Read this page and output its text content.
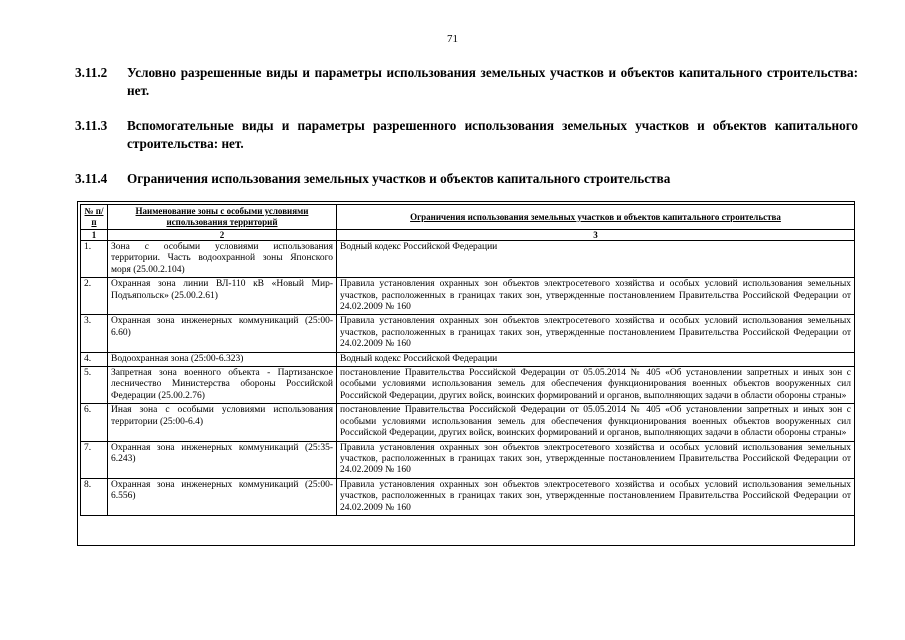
71
3.11.2 Условно разрешенные виды и параметры использования земельных участков и объектов капитального строительства: нет.
3.11.3 Вспомогательные виды и параметры разрешенного использования земельных участков и объектов капитального строительства: нет.
3.11.4 Ограничения использования земельных участков и объектов капитального строительства
№ п/п	Наименование зоны с особыми условиями использования территорий	Ограничения использования земельных участков и объектов капитального строительства
1	2	3
1.	Зона с особыми условиями использования территории. Часть водоохранной зоны Японского моря (25.00.2.104)	Водный кодекс Российской Федерации
2.	Охранная зона линии ВЛ-110 кВ «Новый Мир-Подъяпольск» (25.00.2.61)	Правила установления охранных зон объектов электросетевого хозяйства и особых условий использования земельных участков, расположенных в границах таких зон, утвержденные постановлением Правительства Российской Федерации от 24.02.2009 № 160
3.	Охранная зона инженерных коммуникаций (25:00-6.60)	Правила установления охранных зон объектов электросетевого хозяйства и особых условий использования земельных участков, расположенных в границах таких зон, утвержденные постановлением Правительства Российской Федерации от 24.02.2009 № 160
4.	Водоохранная зона (25:00-6.323)	Водный кодекс Российской Федерации
5.	Запретная зона военного объекта - Партизанское лесничество Министерства обороны Российской Федерации (25.00.2.76)	постановление Правительства Российской Федерации от 05.05.2014 № 405 «Об установлении запретных и иных зон с особыми условиями использования земель для обеспечения функционирования военных объектов вооруженных сил Российской Федерации, других войск, воинских формирований и органов, выполняющих задачи в области обороны страны»
6.	Иная зона с особыми условиями использования территории (25:00-6.4)	постановление Правительства Российской Федерации от 05.05.2014 № 405 «Об установлении запретных и иных зон с особыми условиями использования земель для обеспечения функционирования военных объектов вооруженных сил Российской Федерации, других войск, воинских формирований и органов, выполняющих задачи в области обороны страны»
7.	Охранная зона инженерных коммуникаций (25:35-6.243)	Правила установления охранных зон объектов электросетевого хозяйства и особых условий использования земельных участков, расположенных в границах таких зон, утвержденные постановлением Правительства Российской Федерации от 24.02.2009 № 160
8.	Охранная зона инженерных коммуникаций (25:00-6.556)	Правила установления охранных зон объектов электросетевого хозяйства и особых условий использования земельных участков, расположенных в границах таких зон, утвержденные постановлением Правительства Российской Федерации от 24.02.2009 № 160
